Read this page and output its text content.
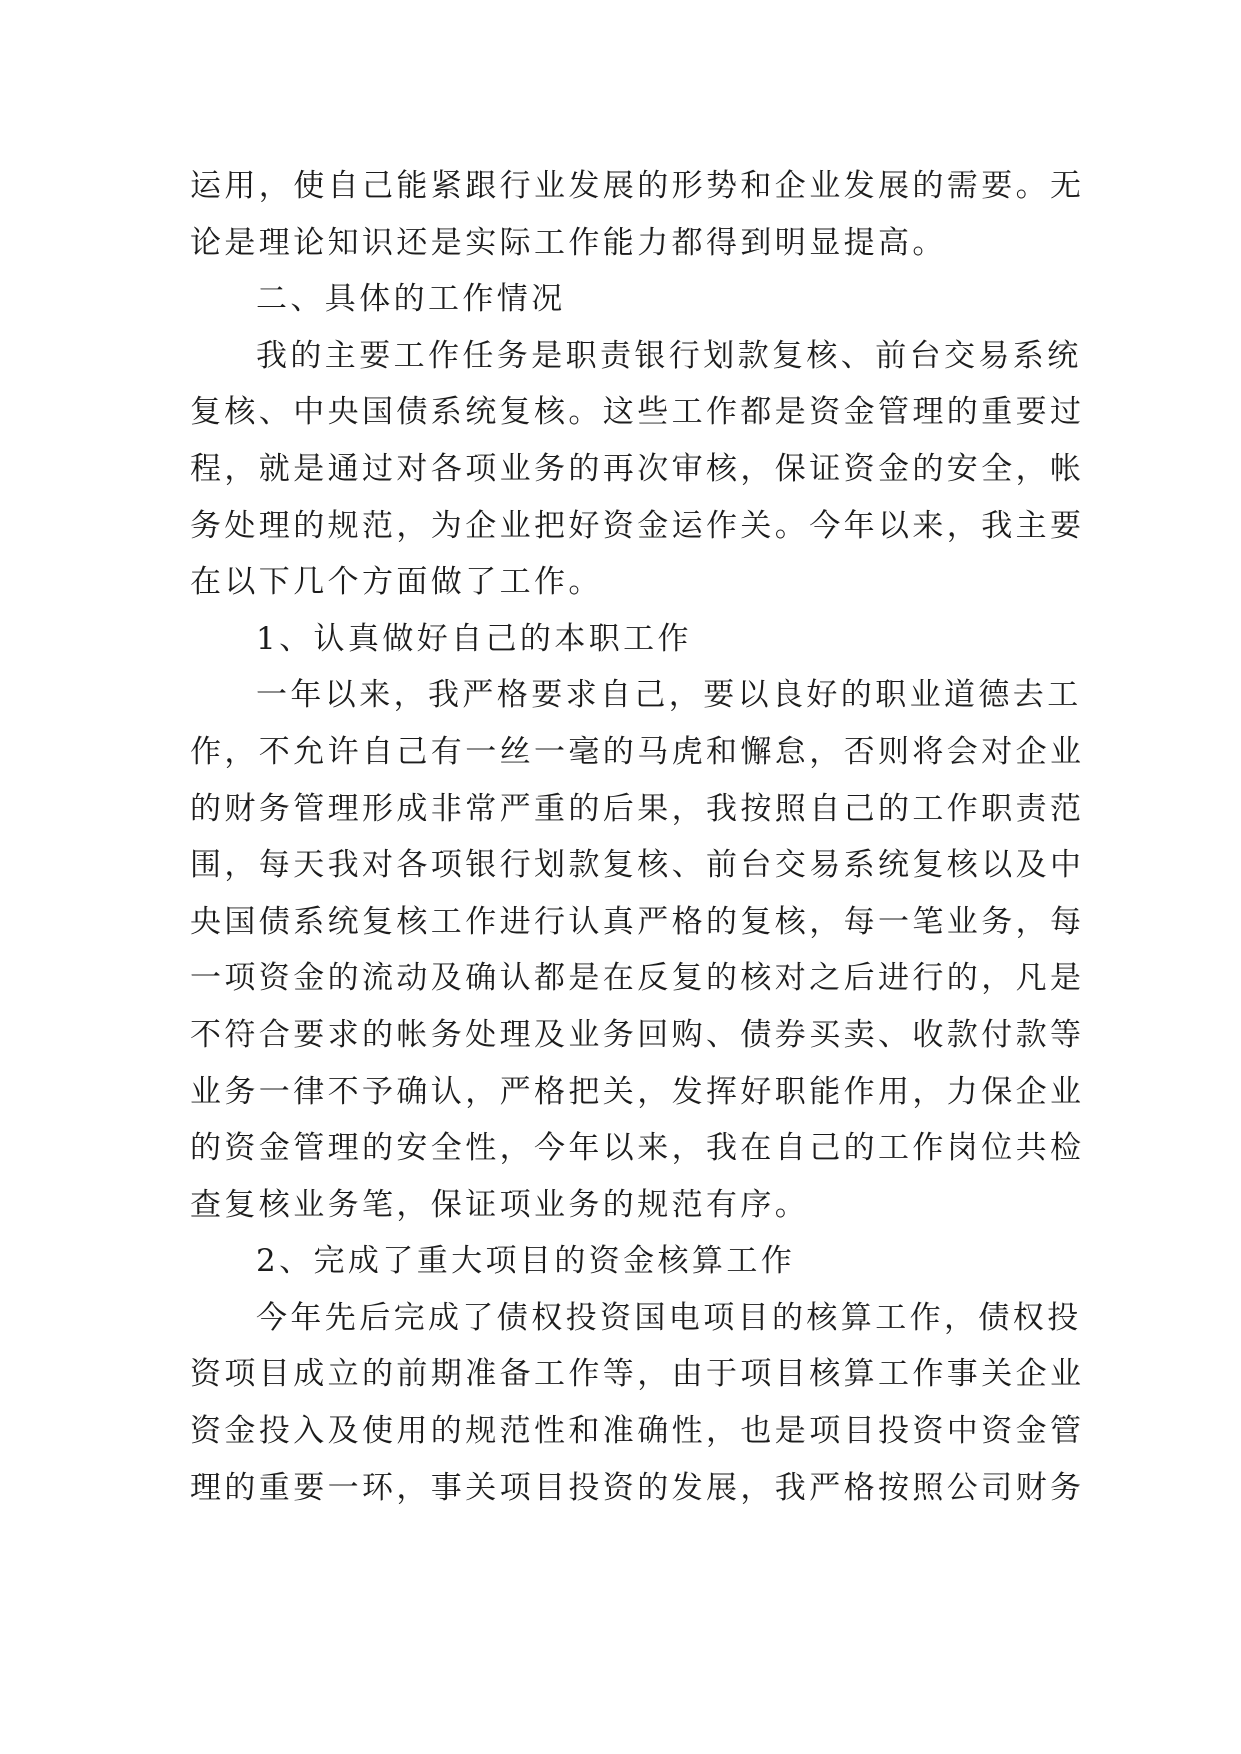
运用，使自己能紧跟行业发展的形势和企业发展的需要。无
论是理论知识还是实际工作能力都得到明显提高。
二、具体的工作情况
我的主要工作任务是职责银行划款复核、前台交易系统
复核、中央国债系统复核。这些工作都是资金管理的重要过
程，就是通过对各项业务的再次审核，保证资金的安全，帐
务处理的规范，为企业把好资金运作关。今年以来，我主要
在以下几个方面做了工作。
1、认真做好自己的本职工作
一年以来，我严格要求自己，要以良好的职业道德去工
作，不允许自己有一丝一毫的马虎和懈怠，否则将会对企业
的财务管理形成非常严重的后果，我按照自己的工作职责范
围，每天我对各项银行划款复核、前台交易系统复核以及中
央国债系统复核工作进行认真严格的复核，每一笔业务，每
一项资金的流动及确认都是在反复的核对之后进行的，凡是
不符合要求的帐务处理及业务回购、债券买卖、收款付款等
业务一律不予确认，严格把关，发挥好职能作用，力保企业
的资金管理的安全性，今年以来，我在自己的工作岗位共检
查复核业务笔，保证项业务的规范有序。
2、完成了重大项目的资金核算工作
今年先后完成了债权投资国电项目的核算工作，债权投
资项目成立的前期准备工作等，由于项目核算工作事关企业
资金投入及使用的规范性和准确性，也是项目投资中资金管
理的重要一环，事关项目投资的发展，我严格按照公司财务
